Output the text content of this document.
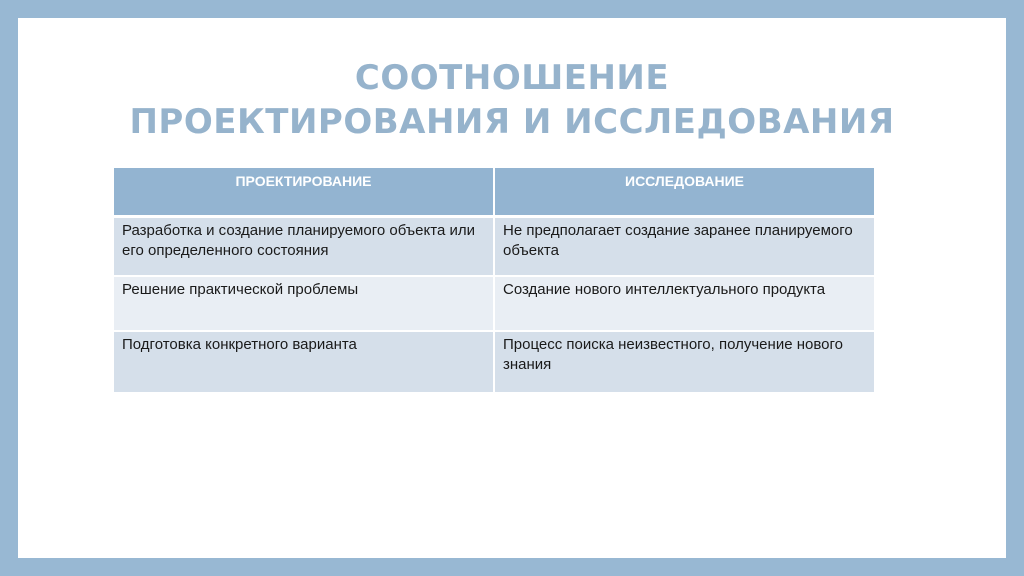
СООТНОШЕНИЕ
ПРОЕКТИРОВАНИЯ И ИССЛЕДОВАНИЯ
ПРОЕКТИРОВАНИЕ	ИССЛЕДОВАНИЕ
Разработка и создание планируемого объекта или его определенного состояния	Не предполагает создание заранее планируемого объекта
Решение практической проблемы	Создание нового интеллектуального продукта
Подготовка конкретного варианта	Процесс поиска неизвестного, получение нового знания
